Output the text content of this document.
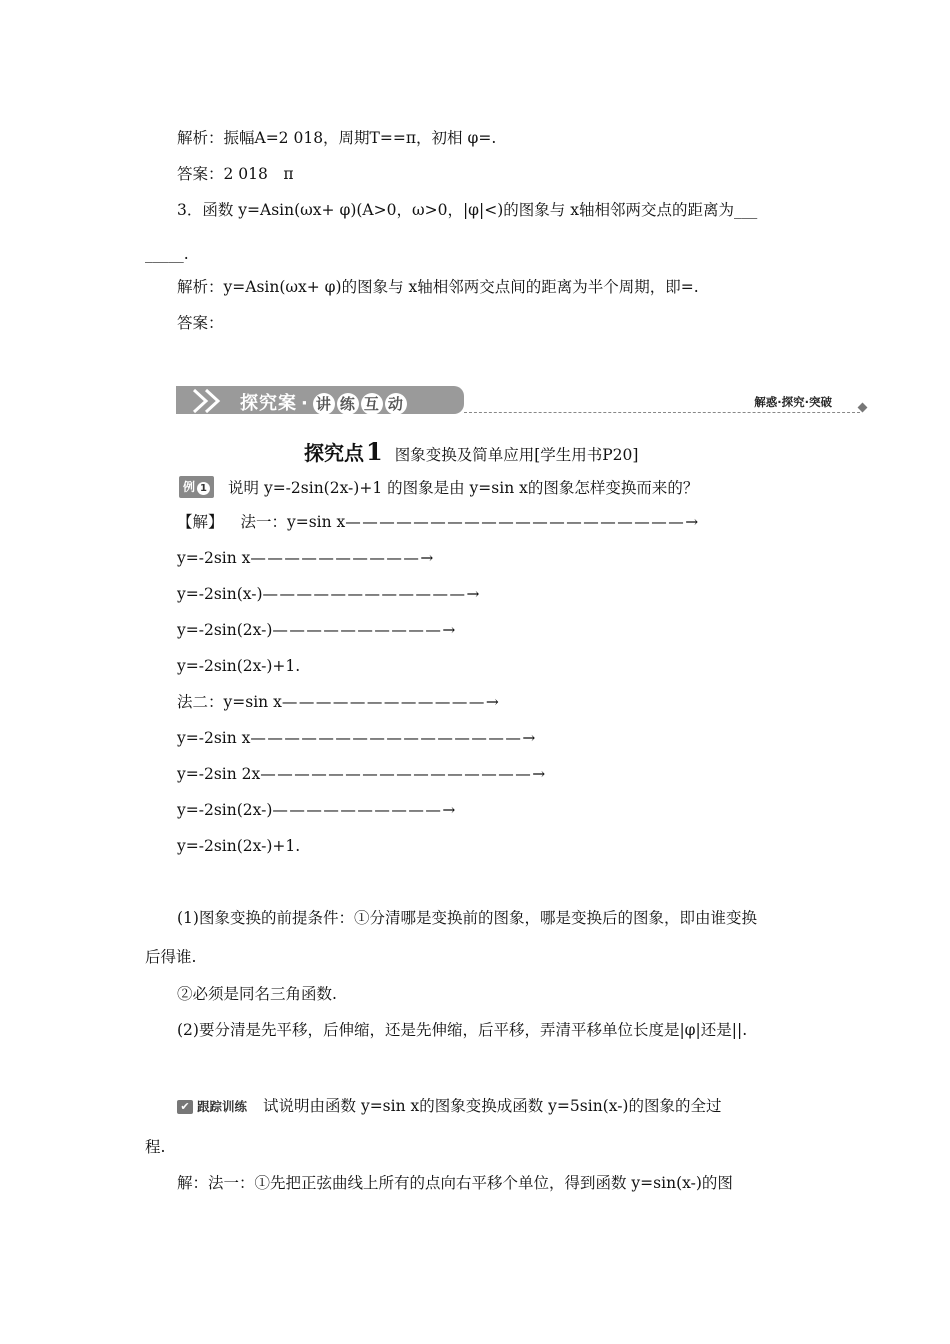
解析：振幅A=2 018，周期T==π，初相 φ=.
答案：2 018　π
3．函数 y=Asin(ωx+ φ)(A>0，ω>0，|φ|<)的图象与 x轴相邻两交点的距离为___
_____.
解析：y=Asin(ωx+ φ)的图象与 x轴相邻两交点间的距离为半个周期，即=.
答案：
探究案 · 讲 练 互 动	解惑·探究·突破
探究点1 图象变换及简单应用[学生用书P20]
例 1 说明 y=-2sin(2x-)+1 的图象是由 y=sin x的图象怎样变换而来的？
【解】 法一：y=sin x————————————————————→
y=-2sin x——————————→
y=-2sin(x-)————————————→
y=-2sin(2x-)——————————→
y=-2sin(2x-)+1.
法二：y=sin x————————————→
y=-2sin x————————————————→
y=-2sin 2x————————————————→
y=-2sin(2x-)——————————→
y=-2sin(2x-)+1.
(1)图象变换的前提条件：①分清哪是变换前的图象，哪是变换后的图象，即由谁变换
后得谁.
②必须是同名三角函数.
(2)要分清是先平移，后伸缩，还是先伸缩，后平移，弄清平移单位长度是|φ|还是||.
✔ 跟踪训练 试说明由函数 y=sin x的图象变换成函数 y=5sin(x-)的图象的全过
程.
解：法一：①先把正弦曲线上所有的点向右平移个单位，得到函数 y=sin(x-)的图
